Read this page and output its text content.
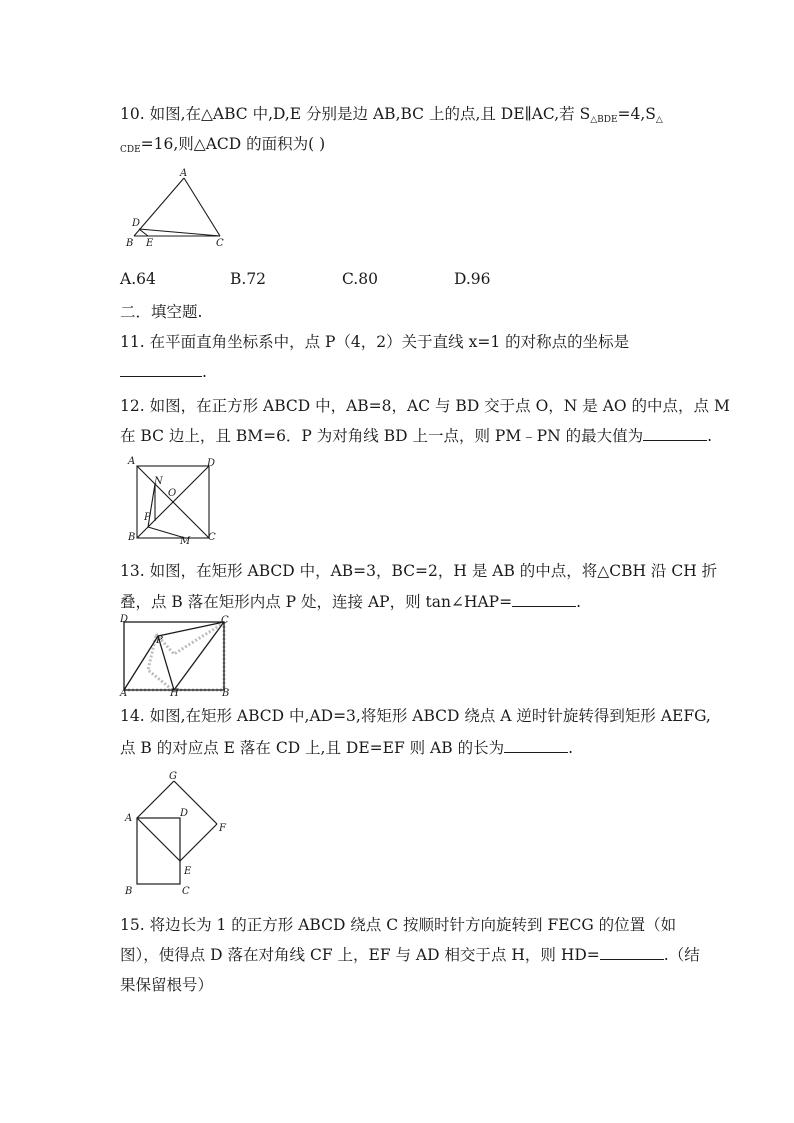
10. 如图,在△ABC 中,D,E 分别是边 AB,BC 上的点,且 DE∥AC,若 $S_{\triangle BDE}=4,S_\triangle$
$_{CDE}$=16,则△ACD 的面积为( )
A
B	C
D
E
A.64	B.72	C.80	D.96
二．填空题.
11. 在平面直角坐标系中，点 P（4，2）关于直线 x=1 的对称点的坐标是
.
12. 如图，在正方形 ABCD 中，AB=8，AC 与 BD 交于点 O，N 是 AO 的中点，点 M
在 BC 边上，且 BM=6．P 为对角线 BD 上一点，则 PM﹣PN 的最大值为	.
A	D
B	C
N
O
P
M
13. 如图，在矩形 ABCD 中，AB=3，BC=2，H 是 AB 的中点，将△CBH 沿 CH 折
叠，点 B 落在矩形内点 P 处，连接 AP，则 tan∠HAP=	.
D	C
A	B
P
H
14. 如图,在矩形 ABCD 中,AD=3,将矩形 ABCD 绕点 A 逆时针旋转得到矩形 AEFG,
点 B 的对应点 E 落在 CD 上,且 DE=EF 则 AB 的长为	.
G
A	D
F
E
B	C
15. 将边长为 1 的正方形 ABCD 绕点 C 按顺时针方向旋转到 FECG 的位置（如
图），使得点 D 落在对角线 CF 上，EF 与 AD 相交于点 H，则 HD=	.（结
果保留根号）
